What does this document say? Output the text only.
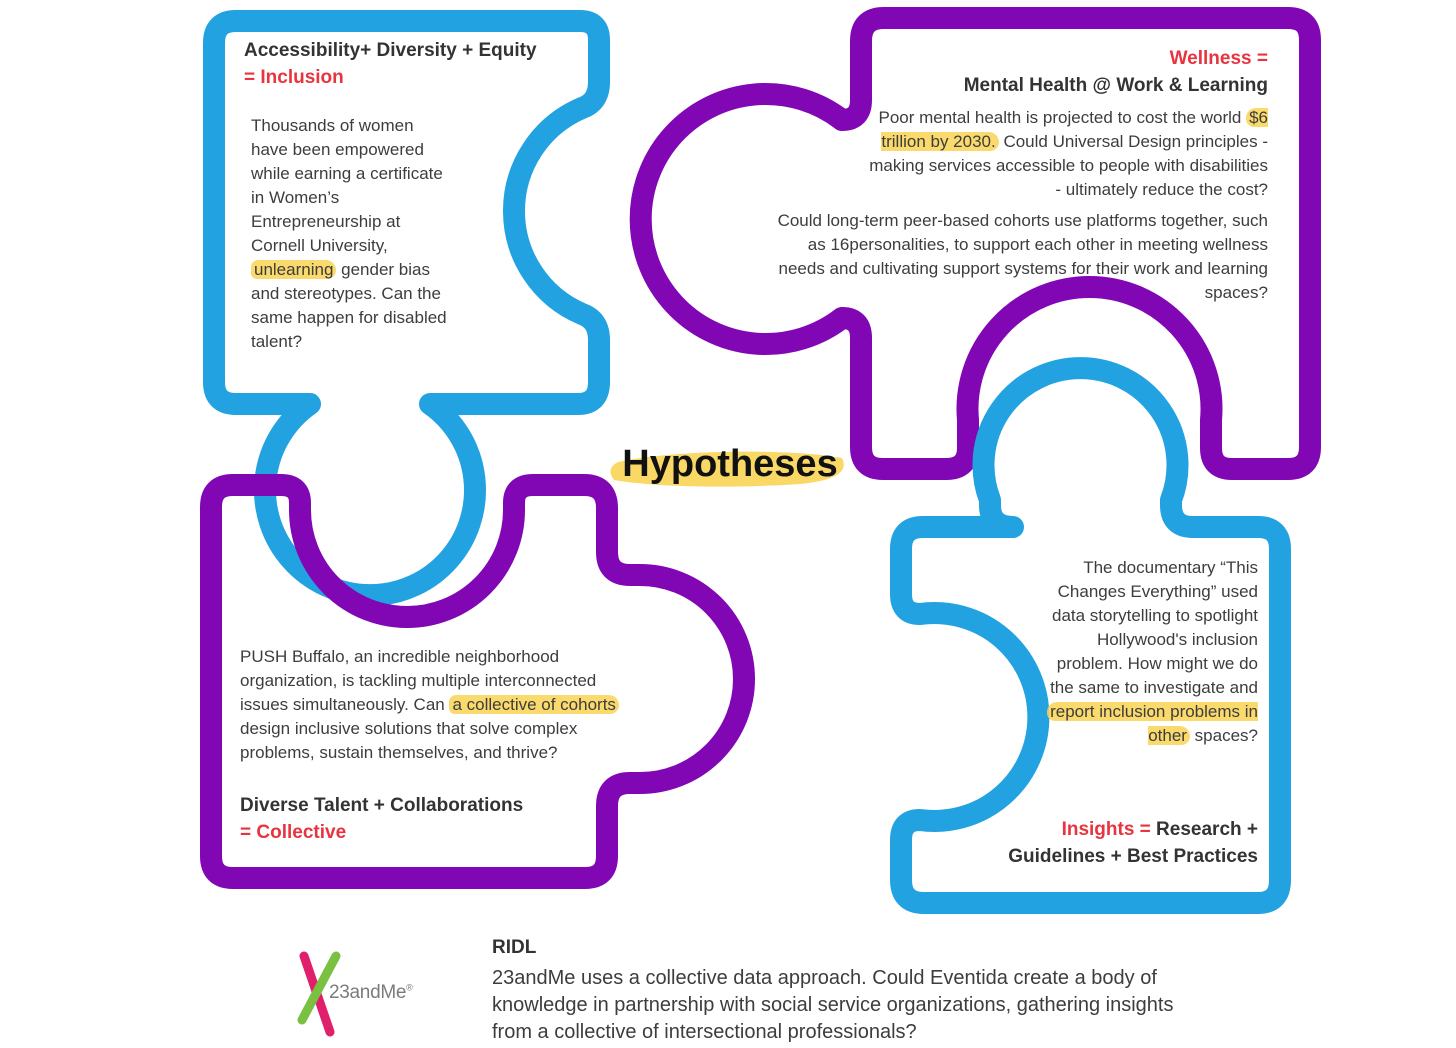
Accessibility+ Diversity + Equity
= Inclusion

Thousands of women have been empowered while earning a certificate in Women’s Entrepreneurship at Cornell University, unlearning gender bias and stereotypes. Can the same happen for disabled talent?

Wellness =
Mental Health @ Work & Learning

Poor mental health is projected to cost the world $6 trillion by 2030. Could Universal Design principles - making services accessible to people with disabilities - ultimately reduce the cost?

Could long-term peer-based cohorts use platforms together, such as 16personalities, to support each other in meeting wellness needs and cultivating support systems for their work and learning spaces?

Hypotheses

PUSH Buffalo, an incredible neighborhood organization, is tackling multiple interconnected issues simultaneously. Can a collective of cohorts design inclusive solutions that solve complex problems, sustain themselves, and thrive?

Diverse Talent + Collaborations
= Collective

The documentary “This Changes Everything” used data storytelling to spotlight Hollywood's inclusion problem. How might we do the same to investigate and report inclusion problems in other spaces?

Insights = Research +
Guidelines + Best Practices

23andMe®

RIDL

23andMe uses a collective data approach. Could Eventida create a body of knowledge in partnership with social service organizations, gathering insights from a collective of intersectional professionals?
